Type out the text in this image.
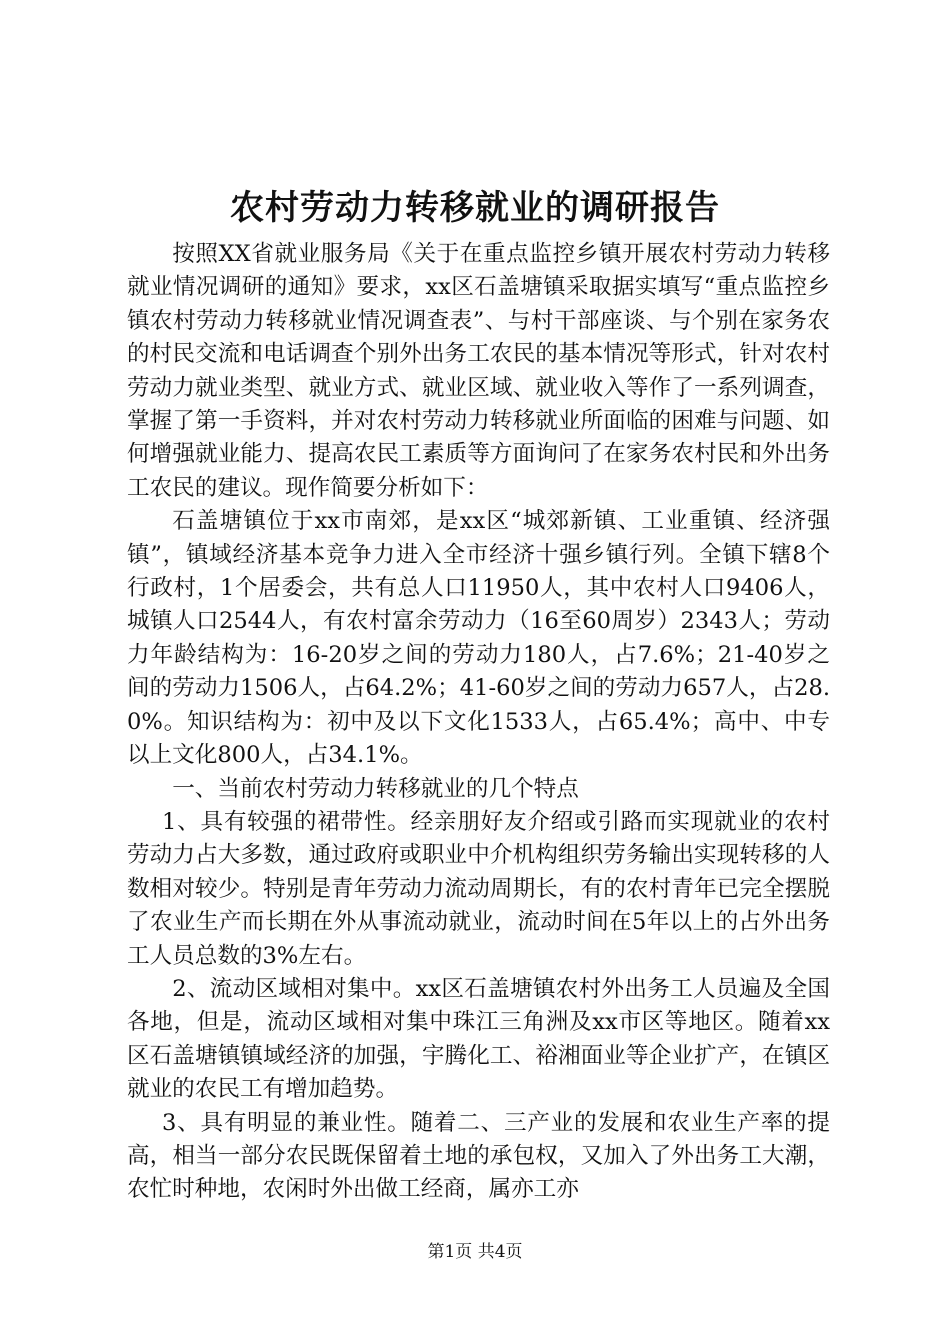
农村劳动力转移就业的调研报告

按照XX省就业服务局《关于在重点监控乡镇开展农村劳动力转移就业情况调研的通知》要求，xx区石盖塘镇采取据实填写“重点监控乡镇农村劳动力转移就业情况调查表”、与村干部座谈、与个别在家务农的村民交流和电话调查个别外出务工农民的基本情况等形式，针对农村劳动力就业类型、就业方式、就业区域、就业收入等作了一系列调查，掌握了第一手资料，并对农村劳动力转移就业所面临的困难与问题、如何增强就业能力、提高农民工素质等方面询问了在家务农村民和外出务工农民的建议。现作简要分析如下：

石盖塘镇位于xx市南郊，是xx区“城郊新镇、工业重镇、经济强镇”，镇域经济基本竞争力进入全市经济十强乡镇行列。全镇下辖8个行政村，1个居委会，共有总人口11950人，其中农村人口9406人，城镇人口2544人，有农村富余劳动力（16至60周岁）2343人；劳动力年龄结构为：16-20岁之间的劳动力180人，占7.6%；21-40岁之间的劳动力1506人，占64.2%；41-60岁之间的劳动力657人，占28.0%。知识结构为：初中及以下文化1533人，占65.4%；高中、中专以上文化800人，占34.1%。

一、当前农村劳动力转移就业的几个特点

1、具有较强的裙带性。经亲朋好友介绍或引路而实现就业的农村劳动力占大多数，通过政府或职业中介机构组织劳务输出实现转移的人数相对较少。特别是青年劳动力流动周期长，有的农村青年已完全摆脱了农业生产而长期在外从事流动就业，流动时间在5年以上的占外出务工人员总数的3%左右。

2、流动区域相对集中。xx区石盖塘镇农村外出务工人员遍及全国各地，但是，流动区域相对集中珠江三角洲及xx市区等地区。随着xx区石盖塘镇镇域经济的加强，宇腾化工、裕湘面业等企业扩产，在镇区就业的农民工有增加趋势。

3、具有明显的兼业性。随着二、三产业的发展和农业生产率的提高，相当一部分农民既保留着土地的承包权，又加入了外出务工大潮，农忙时种地，农闲时外出做工经商，属亦工亦

第1页 共4页
